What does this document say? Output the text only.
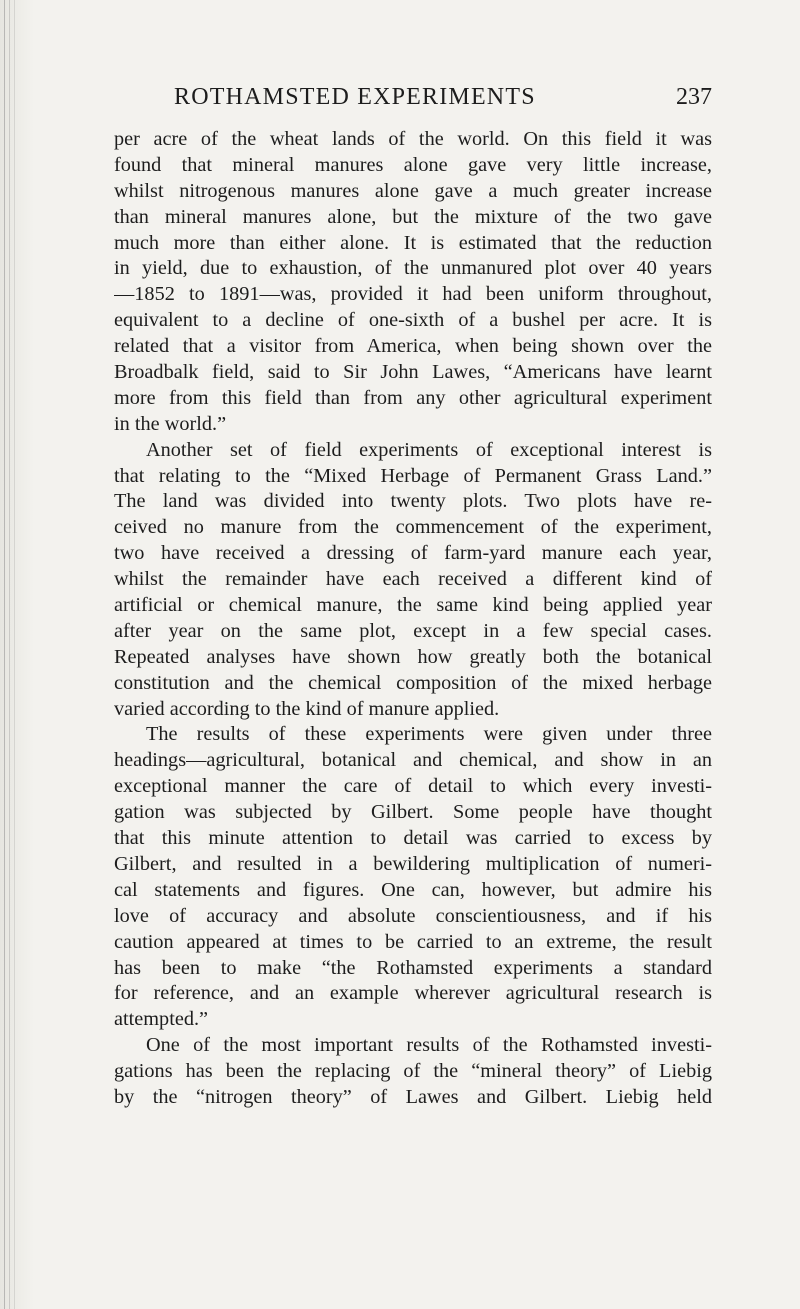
ROTHAMSTED EXPERIMENTS	237
per acre of the wheat lands of the world. On this field it was
found that mineral manures alone gave very little increase,
whilst nitrogenous manures alone gave a much greater increase
than mineral manures alone, but the mixture of the two gave
much more than either alone. It is estimated that the reduction
in yield, due to exhaustion, of the unmanured plot over 40 years
—1852 to 1891—was, provided it had been uniform throughout,
equivalent to a decline of one-sixth of a bushel per acre. It is
related that a visitor from America, when being shown over the
Broadbalk field, said to Sir John Lawes, “Americans have learnt
more from this field than from any other agricultural experiment
in the world.”
Another set of field experiments of exceptional interest is
that relating to the “Mixed Herbage of Permanent Grass Land.”
The land was divided into twenty plots. Two plots have re-
ceived no manure from the commencement of the experiment,
two have received a dressing of farm-yard manure each year,
whilst the remainder have each received a different kind of
artificial or chemical manure, the same kind being applied year
after year on the same plot, except in a few special cases.
Repeated analyses have shown how greatly both the botanical
constitution and the chemical composition of the mixed herbage
varied according to the kind of manure applied.
The results of these experiments were given under three
headings—agricultural, botanical and chemical, and show in an
exceptional manner the care of detail to which every investi-
gation was subjected by Gilbert. Some people have thought
that this minute attention to detail was carried to excess by
Gilbert, and resulted in a bewildering multiplication of numeri-
cal statements and figures. One can, however, but admire his
love of accuracy and absolute conscientiousness, and if his
caution appeared at times to be carried to an extreme, the result
has been to make “the Rothamsted experiments a standard
for reference, and an example wherever agricultural research is
attempted.”
One of the most important results of the Rothamsted investi-
gations has been the replacing of the “mineral theory” of Liebig
by the “nitrogen theory” of Lawes and Gilbert. Liebig held
